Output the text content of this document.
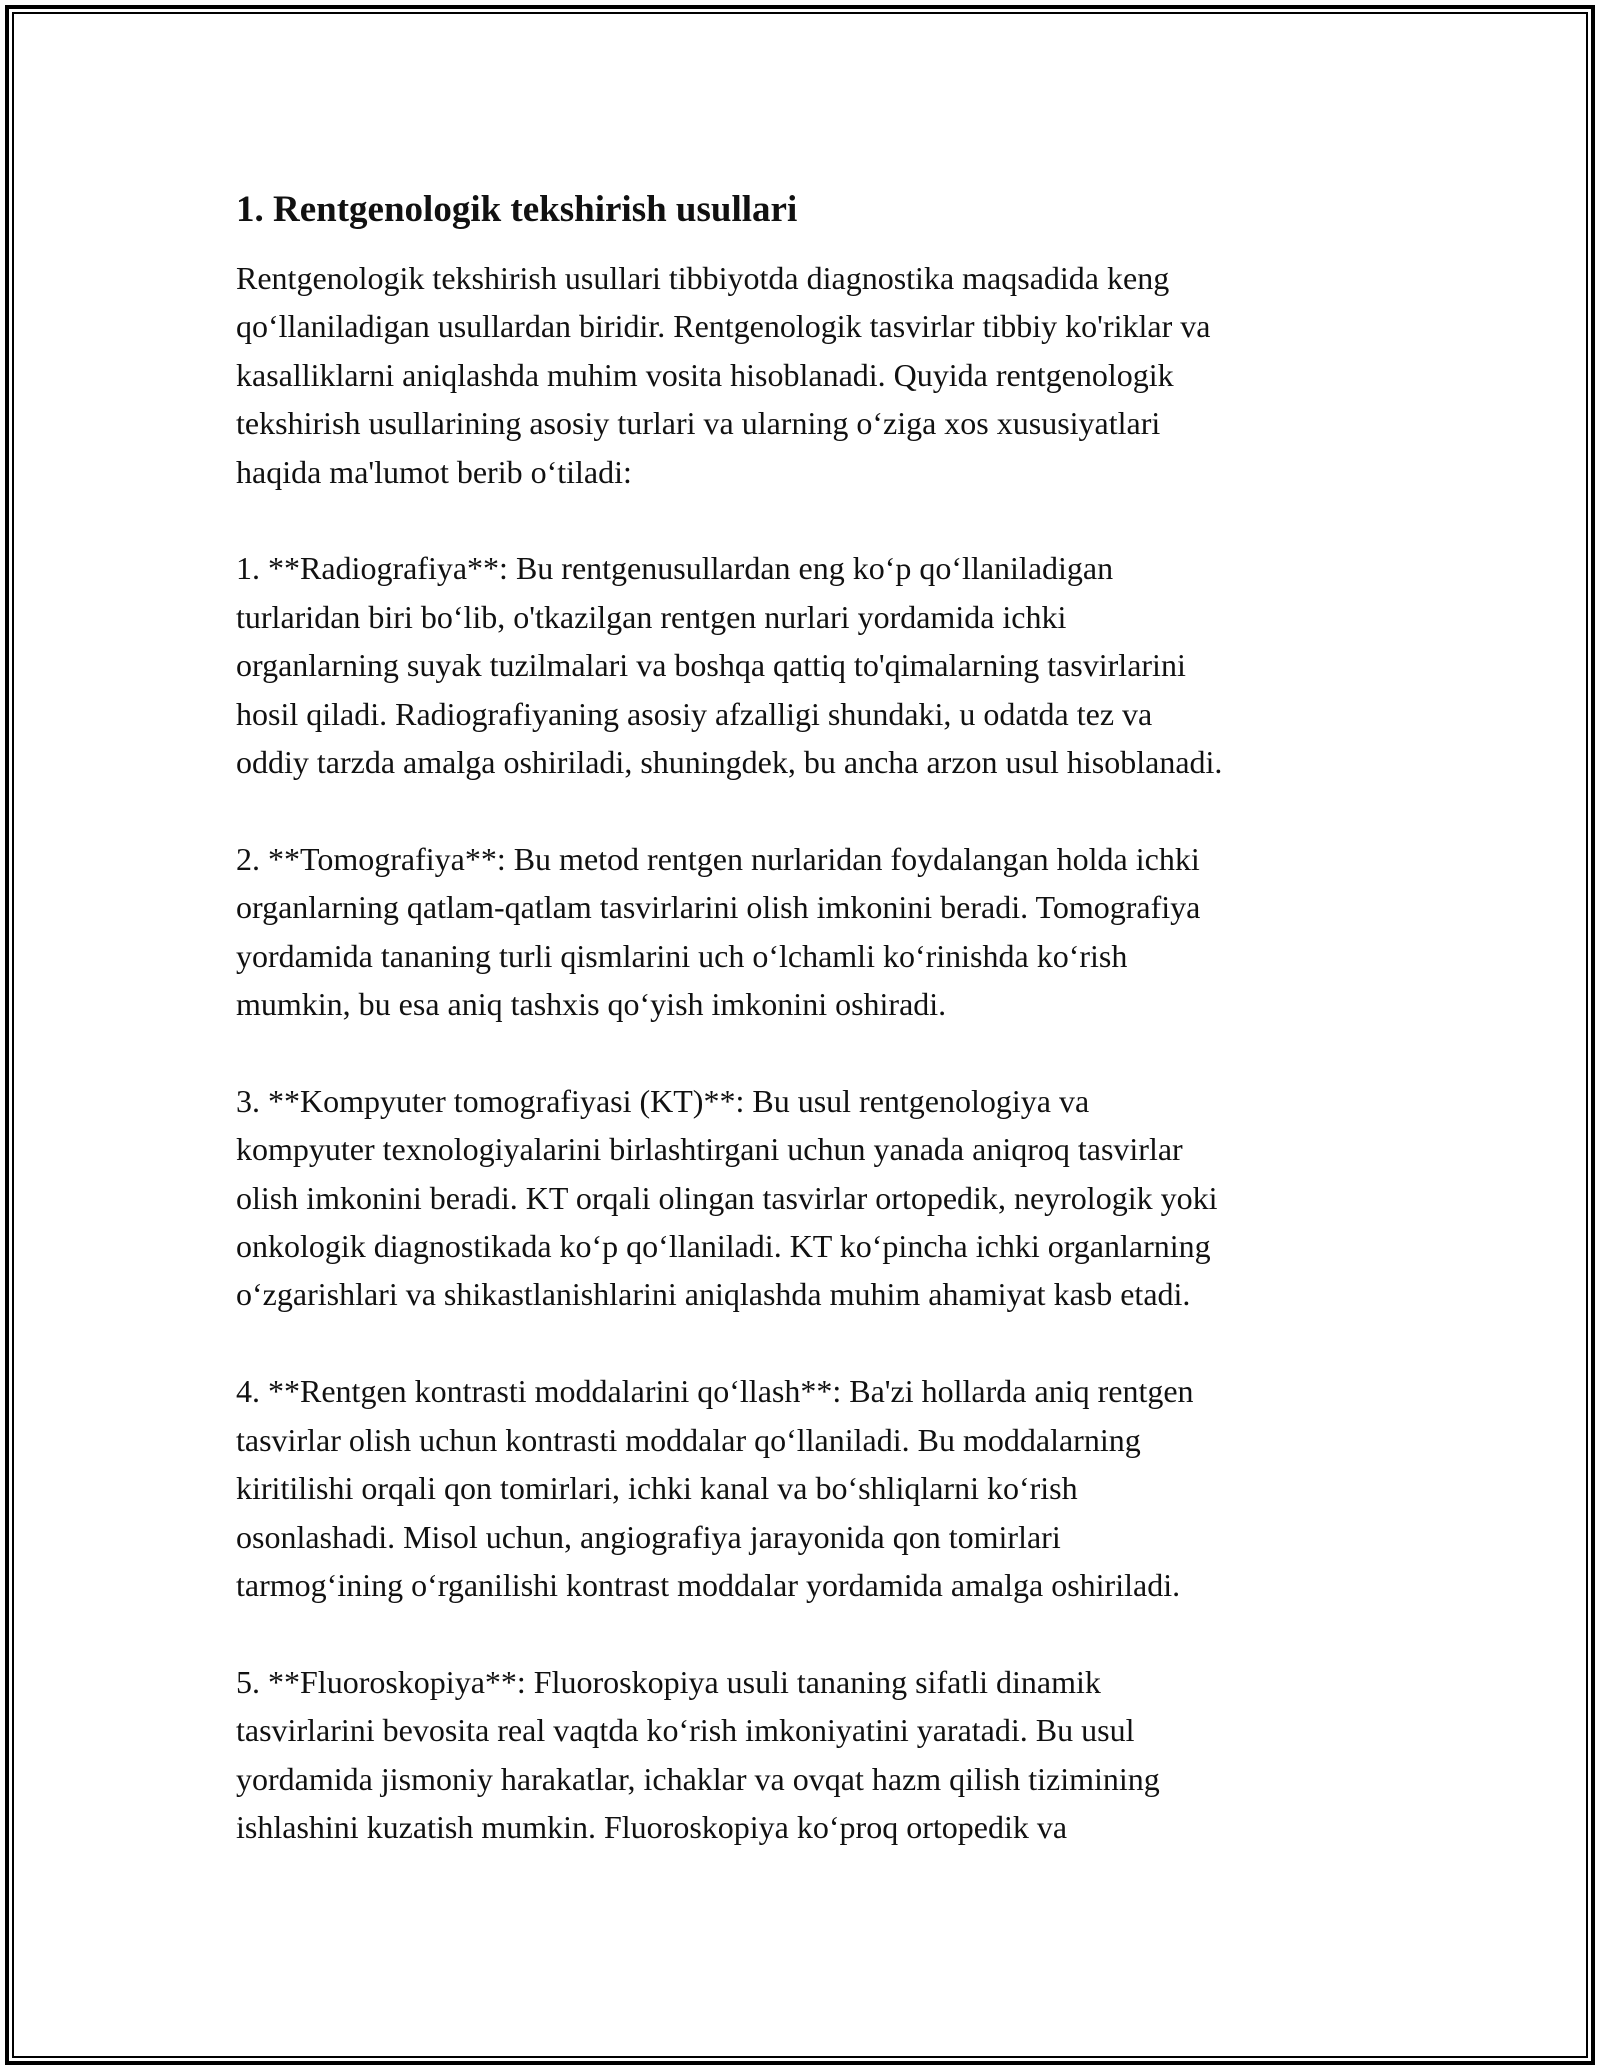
1. Rentgenologik tekshirish usullari
Rentgenologik tekshirish usullari tibbiyotda diagnostika maqsadida keng
qo‘llaniladigan usullardan biridir. Rentgenologik tasvirlar tibbiy ko'riklar va
kasalliklarni aniqlashda muhim vosita hisoblanadi. Quyida rentgenologik
tekshirish usullarining asosiy turlari va ularning o‘ziga xos xususiyatlari
haqida ma'lumot berib o‘tiladi:
1. **Radiografiya**: Bu rentgenusullardan eng ko‘p qo‘llaniladigan
turlaridan biri bo‘lib, o'tkazilgan rentgen nurlari yordamida ichki
organlarning suyak tuzilmalari va boshqa qattiq to'qimalarning tasvirlarini
hosil qiladi. Radiografiyaning asosiy afzalligi shundaki, u odatda tez va
oddiy tarzda amalga oshiriladi, shuningdek, bu ancha arzon usul hisoblanadi.
2. **Tomografiya**: Bu metod rentgen nurlaridan foydalangan holda ichki
organlarning qatlam-qatlam tasvirlarini olish imkonini beradi. Tomografiya
yordamida tananing turli qismlarini uch o‘lchamli ko‘rinishda ko‘rish
mumkin, bu esa aniq tashxis qo‘yish imkonini oshiradi.
3. **Kompyuter tomografiyasi (KT)**: Bu usul rentgenologiya va
kompyuter texnologiyalarini birlashtirgani uchun yanada aniqroq tasvirlar
olish imkonini beradi. KT orqali olingan tasvirlar ortopedik, neyrologik yoki
onkologik diagnostikada ko‘p qo‘llaniladi. KT ko‘pincha ichki organlarning
o‘zgarishlari va shikastlanishlarini aniqlashda muhim ahamiyat kasb etadi.
4. **Rentgen kontrasti moddalarini qo‘llash**: Ba'zi hollarda aniq rentgen
tasvirlar olish uchun kontrasti moddalar qo‘llaniladi. Bu moddalarning
kiritilishi orqali qon tomirlari, ichki kanal va bo‘shliqlarni ko‘rish
osonlashadi. Misol uchun, angiografiya jarayonida qon tomirlari
tarmog‘ining o‘rganilishi kontrast moddalar yordamida amalga oshiriladi.
5. **Fluoroskopiya**: Fluoroskopiya usuli tananing sifatli dinamik
tasvirlarini bevosita real vaqtda ko‘rish imkoniyatini yaratadi. Bu usul
yordamida jismoniy harakatlar, ichaklar va ovqat hazm qilish tizimining
ishlashini kuzatish mumkin. Fluoroskopiya ko‘proq ortopedik va
